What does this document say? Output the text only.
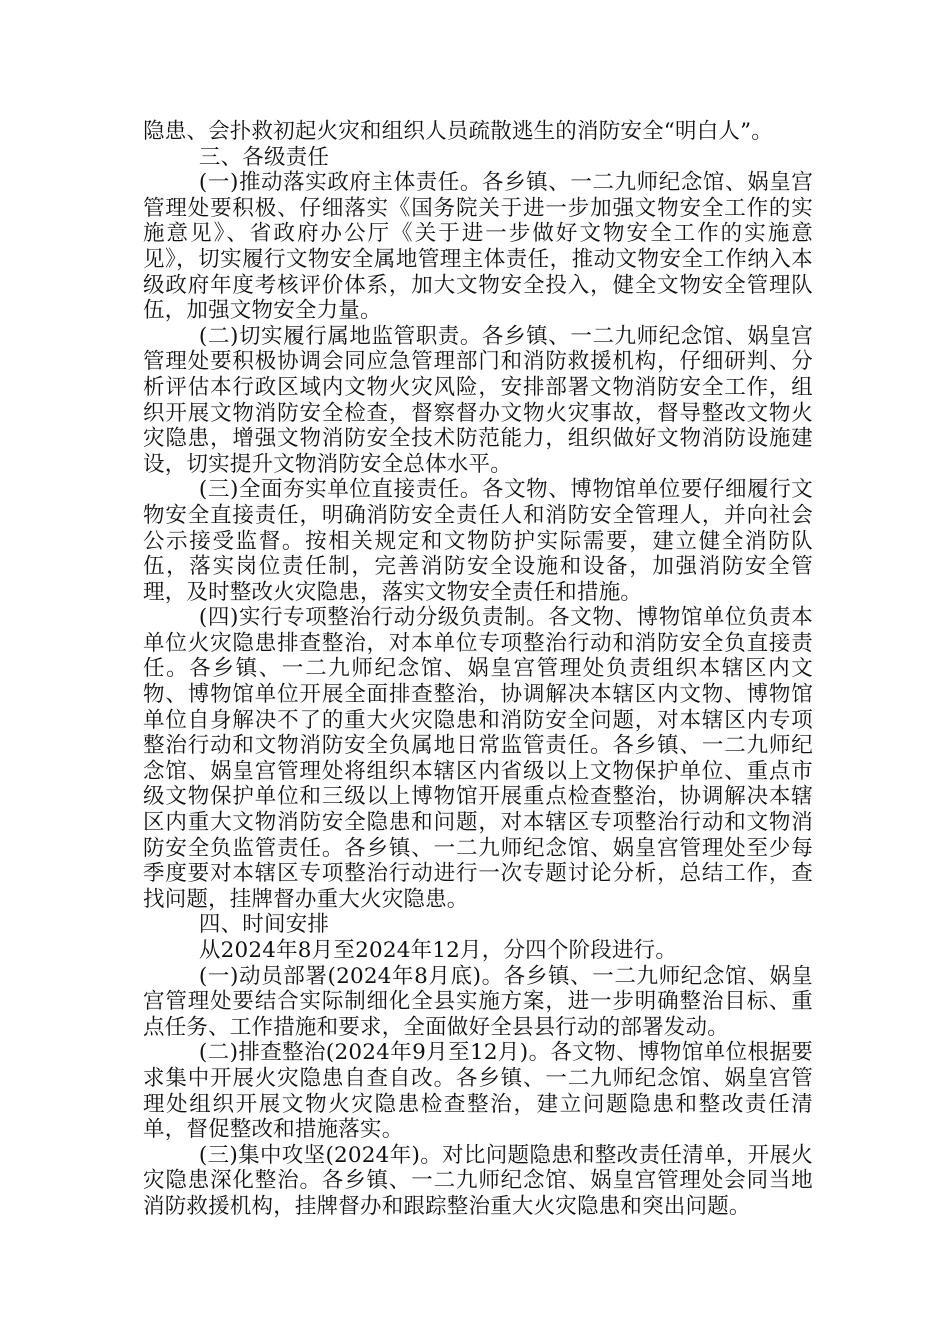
隐患、会扑救初起火灾和组织人员疏散逃生的消防安全“明白人”。

三、各级责任

(一)推动落实政府主体责任。各乡镇、一二九师纪念馆、娲皇宫管理处要积极、仔细落实《国务院关于进一步加强文物安全工作的实施意见》、省政府办公厅《关于进一步做好文物安全工作的实施意见》，切实履行文物安全属地管理主体责任，推动文物安全工作纳入本级政府年度考核评价体系，加大文物安全投入，健全文物安全管理队伍，加强文物安全力量。

(二)切实履行属地监管职责。各乡镇、一二九师纪念馆、娲皇宫管理处要积极协调会同应急管理部门和消防救援机构，仔细研判、分析评估本行政区域内文物火灾风险，安排部署文物消防安全工作，组织开展文物消防安全检查，督察督办文物火灾事故，督导整改文物火灾隐患，增强文物消防安全技术防范能力，组织做好文物消防设施建设，切实提升文物消防安全总体水平。

(三)全面夯实单位直接责任。各文物、博物馆单位要仔细履行文物安全直接责任，明确消防安全责任人和消防安全管理人，并向社会公示接受监督。按相关规定和文物防护实际需要，建立健全消防队伍，落实岗位责任制，完善消防安全设施和设备，加强消防安全管理，及时整改火灾隐患，落实文物安全责任和措施。

(四)实行专项整治行动分级负责制。各文物、博物馆单位负责本单位火灾隐患排查整治，对本单位专项整治行动和消防安全负直接责任。各乡镇、一二九师纪念馆、娲皇宫管理处负责组织本辖区内文物、博物馆单位开展全面排查整治，协调解决本辖区内文物、博物馆单位自身解决不了的重大火灾隐患和消防安全问题，对本辖区内专项整治行动和文物消防安全负属地日常监管责任。各乡镇、一二九师纪念馆、娲皇宫管理处将组织本辖区内省级以上文物保护单位、重点市级文物保护单位和三级以上博物馆开展重点检查整治，协调解决本辖区内重大文物消防安全隐患和问题，对本辖区专项整治行动和文物消防安全负监管责任。各乡镇、一二九师纪念馆、娲皇宫管理处至少每季度要对本辖区专项整治行动进行一次专题讨论分析，总结工作，查找问题，挂牌督办重大火灾隐患。

四、时间安排

从2024年8月至2024年12月，分四个阶段进行。

(一)动员部署(2024年8月底)。各乡镇、一二九师纪念馆、娲皇宫管理处要结合实际制细化全县实施方案，进一步明确整治目标、重点任务、工作措施和要求，全面做好全县县行动的部署发动。

(二)排查整治(2024年9月至12月)。各文物、博物馆单位根据要求集中开展火灾隐患自查自改。各乡镇、一二九师纪念馆、娲皇宫管理处组织开展文物火灾隐患检查整治，建立问题隐患和整改责任清单，督促整改和措施落实。

(三)集中攻坚(2024年)。对比问题隐患和整改责任清单，开展火灾隐患深化整治。各乡镇、一二九师纪念馆、娲皇宫管理处会同当地消防救援机构，挂牌督办和跟踪整治重大火灾隐患和突出问题。
